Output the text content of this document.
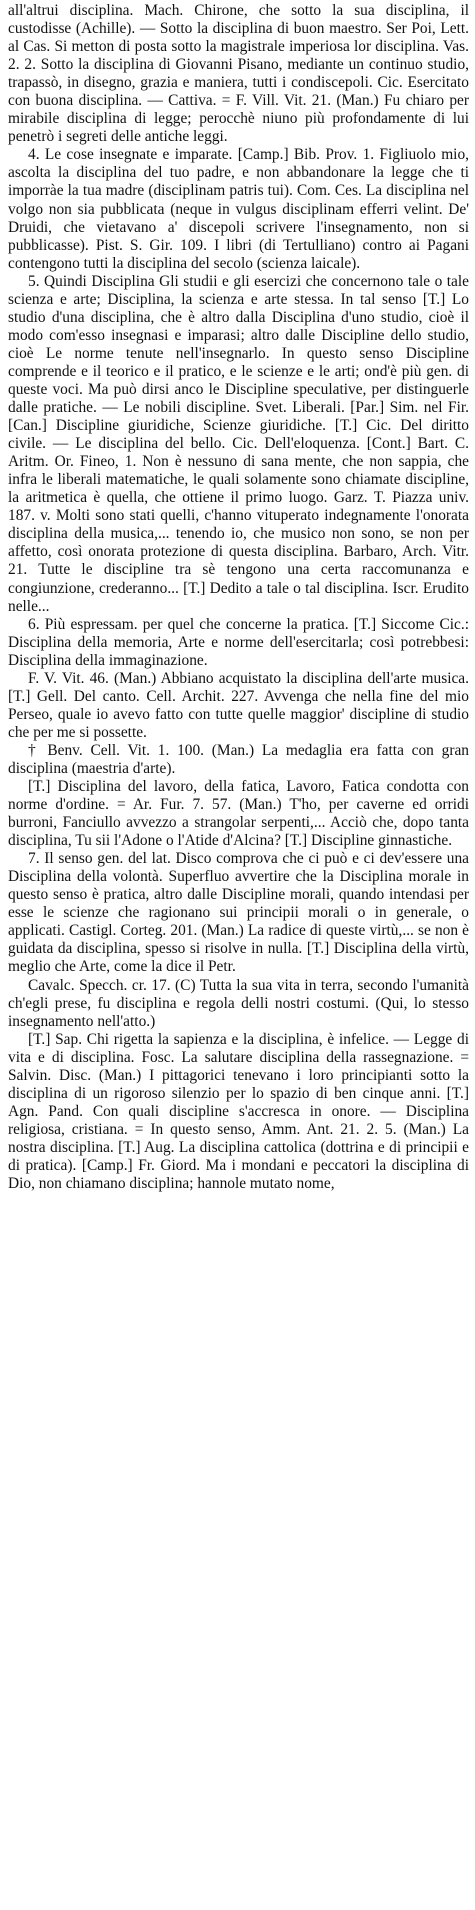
all'altrui disciplina. Mach. Chirone, che sotto la sua disciplina, il custodisse (Achille). — Sotto la disciplina di buon maestro. Ser Poi, Lett. al Cas. Si metton di posta sotto la magistrale imperiosa lor disciplina. Vas. 2. 2. Sotto la disciplina di Giovanni Pisano, mediante un continuo studio, trapassò, in disegno, grazia e maniera, tutti i condiscepoli. Cic. Esercitato con buona disciplina. — Cattiva. = F. Vill. Vit. 21. (Man.) Fu chiaro per mirabile disciplina di legge; perocchè niuno più profondamente di lui penetrò i segreti delle antiche leggi.

4. Le cose insegnate e imparate. [Camp.] Bib. Prov. 1. Figliuolo mio, ascolta la disciplina del tuo padre, e non abbandonare la legge che ti imporràe la tua madre (disciplinam patris tui). Com. Ces. La disciplina nel volgo non sia pubblicata (neque in vulgus disciplinam efferri velint. De' Druidi, che vietavano a' discepoli scrivere l'insegnamento, non si pubblicasse). Pist. S. Gir. 109. I libri (di Tertulliano) contro ai Pagani contengono tutti la disciplina del secolo (scienza laicale).

5. Quindi Disciplina Gli studii e gli esercizi che concernono tale o tale scienza e arte; Disciplina, la scienza e arte stessa. In tal senso [T.] Lo studio d'una disciplina, che è altro dalla Disciplina d'uno studio, cioè il modo com'esso insegnasi e imparasi; altro dalle Discipline dello studio, cioè Le norme tenute nell'insegnarlo. In questo senso Discipline comprende e il teorico e il pratico, e le scienze e le arti; ond'è più gen. di queste voci. Ma può dirsi anco le Discipline speculative, per distinguerle dalle pratiche. — Le nobili discipline. Svet. Liberali. [Par.] Sim. nel Fir. [Can.] Discipline giuridiche, Scienze giuridiche. [T.] Cic. Del diritto civile. — Le disciplina del bello. Cic. Dell'eloquenza. [Cont.] Bart. C. Aritm. Or. Fineo, 1. Non è nessuno di sana mente, che non sappia, che infra le liberali matematiche, le quali solamente sono chiamate discipline, la aritmetica è quella, che ottiene il primo luogo. Garz. T. Piazza univ. 187. v. Molti sono stati quelli, c'hanno vituperato indegnamente l'onorata disciplina della musica,... tenendo io, che musico non sono, se non per affetto, così onorata protezione di questa disciplina. Barbaro, Arch. Vitr. 21. Tutte le discipline tra sè tengono una certa raccomunanza e congiunzione, crederanno... [T.] Dedito a tale o tal disciplina. Iscr. Erudito nelle...

6. Più espressam. per quel che concerne la pratica. [T.] Siccome Cic.: Disciplina della memoria, Arte e norme dell'esercitarla; così potrebbesi: Disciplina della immaginazione.

F. V. Vit. 46. (Man.) Abbiano acquistato la disciplina dell'arte musica. [T.] Gell. Del canto. Cell. Archit. 227. Avvenga che nella fine del mio Perseo, quale io avevo fatto con tutte quelle maggior' discipline di studio che per me si possette.

† Benv. Cell. Vit. 1. 100. (Man.) La medaglia era fatta con gran disciplina (maestria d'arte).

[T.] Disciplina del lavoro, della fatica, Lavoro, Fatica condotta con norme d'ordine. = Ar. Fur. 7. 57. (Man.) T'ho, per caverne ed orridi burroni, Fanciullo avvezzo a strangolar serpenti,... Acciò che, dopo tanta disciplina, Tu sii l'Adone o l'Atide d'Alcina? [T.] Discipline ginnastiche.

7. Il senso gen. del lat. Disco comprova che ci può e ci dev'essere una Disciplina della volontà. Superfluo avvertire che la Disciplina morale in questo senso è pratica, altro dalle Discipline morali, quando intendasi per esse le scienze che ragionano sui principii morali o in generale, o applicati. Castigl. Corteg. 201. (Man.) La radice di queste virtù,... se non è guidata da disciplina, spesso si risolve in nulla. [T.] Disciplina della virtù, meglio che Arte, come la dice il Petr.

Cavalc. Specch. cr. 17. (C) Tutta la sua vita in terra, secondo l'umanità ch'egli prese, fu disciplina e regola delli nostri costumi. (Qui, lo stesso insegnamento nell'atto.)

[T.] Sap. Chi rigetta la sapienza e la disciplina, è infelice. — Legge di vita e di disciplina. Fosc. La salutare disciplina della rassegnazione. = Salvin. Disc. (Man.) I pittagorici tenevano i loro principianti sotto la disciplina di un rigoroso silenzio per lo spazio di ben cinque anni. [T.] Agn. Pand. Con quali discipline s'accresca in onore. — Disciplina religiosa, cristiana. = In questo senso, Amm. Ant. 21. 2. 5. (Man.) La nostra disciplina. [T.] Aug. La disciplina cattolica (dottrina e di principii e di pratica). [Camp.] Fr. Giord. Ma i mondani e peccatori la disciplina di Dio, non chiamano disciplina; hannole mutato nome,
